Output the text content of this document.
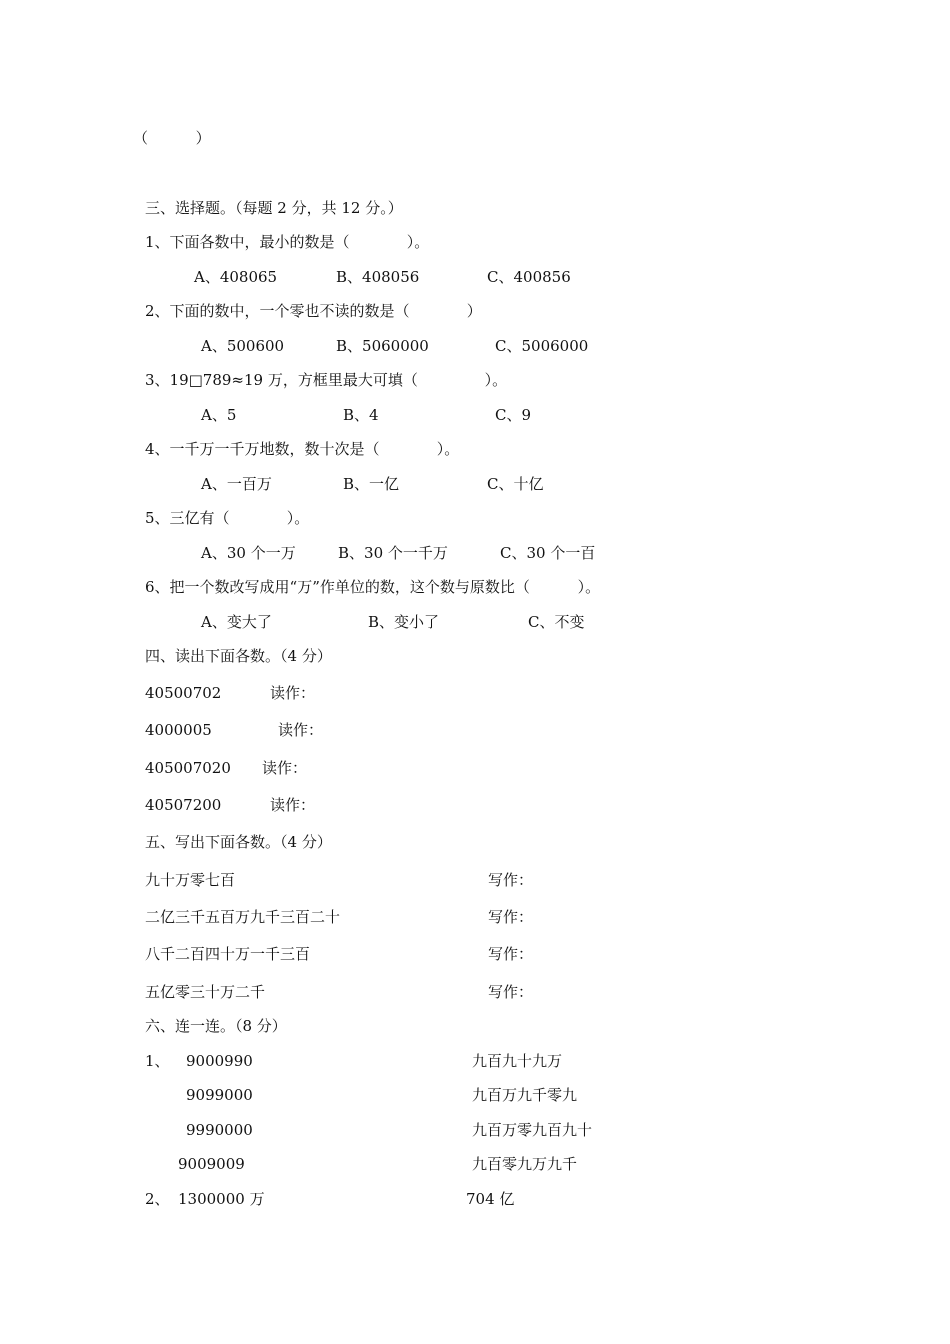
（          ）
三、选择题。（每题 2 分，共 12 分。）
1、下面各数中，最小的数是（            ）。
A、408065	B、408056	C、400856
2、下面的数中，一个零也不读的数是（            ）
A、500600	B、5060000	C、5006000
3、19□789≈19 万，方框里最大可填（              ）。
A、5	B、4	C、9
4、一千万一千万地数，数十次是（            ）。
A、一百万	B、一亿	C、十亿
5、三亿有（            ）。
A、30 个一万	B、30 个一千万	C、30 个一百
6、把一个数改写成用“万”作单位的数，这个数与原数比（          ）。
A、变大了	B、变小了	C、不变
四、读出下面各数。（4 分）
40500702	读作：
4000005	读作：
405007020 读作：
40507200	读作：
五、写出下面各数。（4 分）
九十万零七百	写作：
二亿三千五百万九千三百二十	写作：
八千二百四十万一千三百	写作：
五亿零三十万二千	写作：
六、连一连。（8 分）
1、 9000990	九百九十九万
9099000	九百万九千零九
9990000	九百万零九百九十
9009009	九百零九万九千
2、 1300000 万	704 亿
